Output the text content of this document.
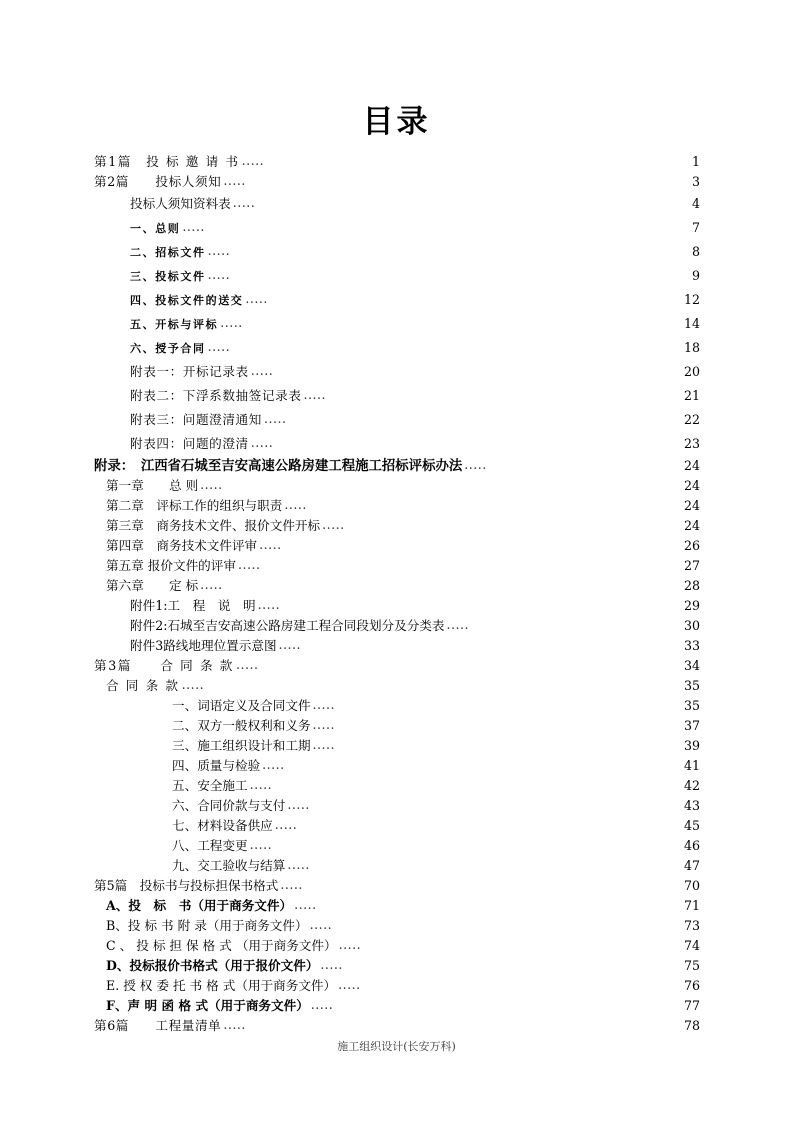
目录
第1篇　投 标 邀 请 书 .....	1
第2篇　　投标人须知 .....	3
投标人须知资料表 .....	4
一、总则 .....	7
二、招标文件 .....	8
三、投标文件 .....	9
四、投标文件的送交 .....	12
五、开标与评标 .....	14
六、授予合同 .....	18
附表一：开标记录表 .....	20
附表二：下浮系数抽签记录表 .....	21
附表三：问题澄清通知 .....	22
附表四：问题的澄清 .....	23
附录：　江西省石城至吉安高速公路房建工程施工招标评标办法 .....	24
第一章　　总 则 .....	24
第二章　评标工作的组织与职责 .....	24
第三章　商务技术文件、报价文件开标 .....	24
第四章　商务技术文件评审 .....	26
第五章 报价文件的评审 .....	27
第六章　　定 标 .....	28
附件1:工　程　说　明 .....	29
附件2:石城至吉安高速公路房建工程合同段划分及分类表 .....	30
附件3路线地理位置示意图 .....	33
第3篇　　合 同 条 款 .....	34
合 同 条 款 .....	35
一、词语定义及合同文件 .....	35
二、双方一般权利和义务 .....	37
三、施工组织设计和工期 .....	39
四、质量与检验 .....	41
五、安全施工 .....	42
六、合同价款与支付 .....	43
七、材料设备供应 .....	45
八、工程变更 .....	46
九、交工验收与结算 .....	47
第5篇　投标书与投标担保书格式 .....	70
A、投　标　书（用于商务文件） .....	71
B、投 标 书 附 录（用于商务文件） .....	73
C 、 投 标 担 保 格 式 （用于商务文件） .....	74
D、投标报价书格式（用于报价文件） .....	75
E. 授 权 委 托 书 格 式（用于商务文件） .....	76
F、声 明 函 格 式（用于商务文件） .....	77
第6篇　　工程量清单 .....	78
施工组织设计(长安万科)
